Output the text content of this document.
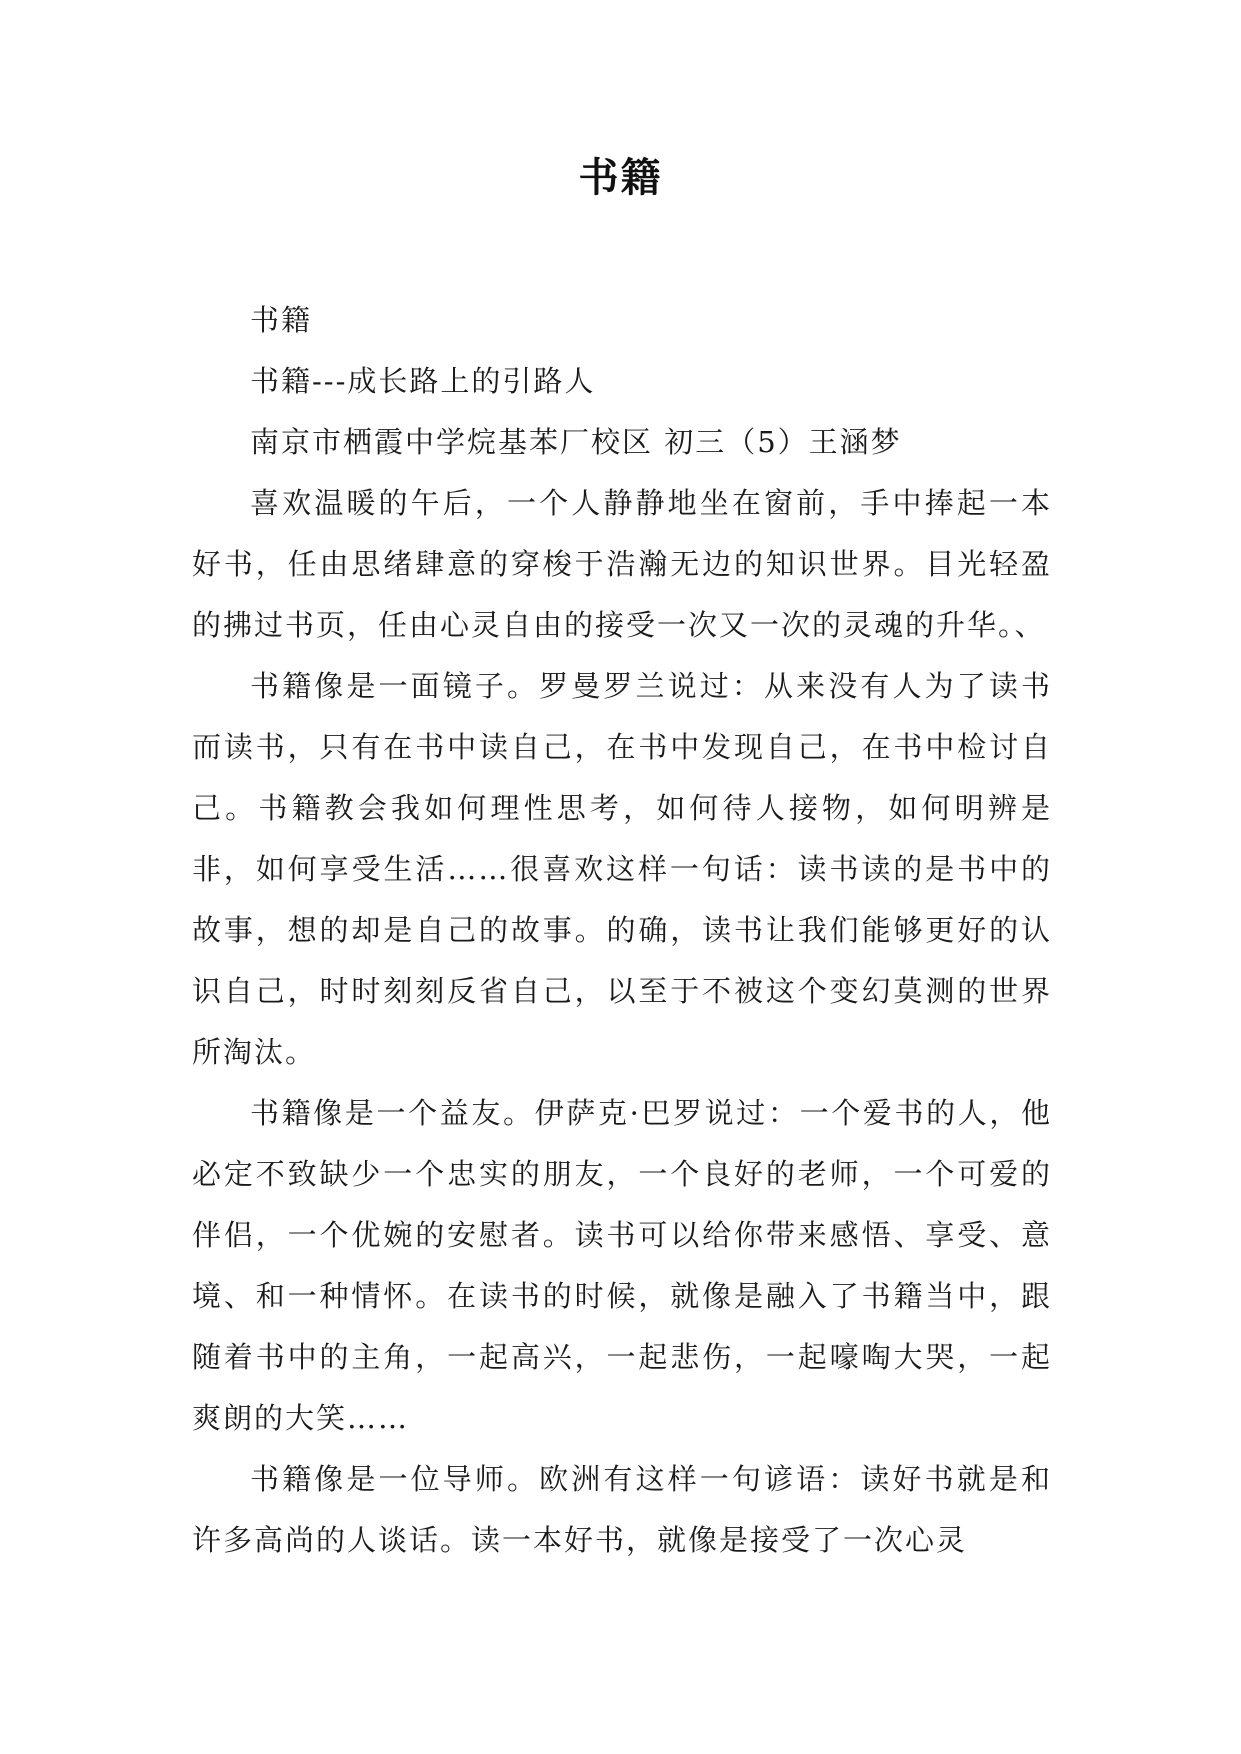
书籍

书籍

书籍---成长路上的引路人

南京市栖霞中学烷基苯厂校区 初三（5）王涵梦

喜欢温暖的午后，一个人静静地坐在窗前，手中捧起一本好书，任由思绪肆意的穿梭于浩瀚无边的知识世界。目光轻盈的拂过书页，任由心灵自由的接受一次又一次的灵魂的升华。、

书籍像是一面镜子。罗曼罗兰说过：从来没有人为了读书而读书，只有在书中读自己，在书中发现自己，在书中检讨自己。书籍教会我如何理性思考，如何待人接物，如何明辨是非，如何享受生活……很喜欢这样一句话：读书读的是书中的故事，想的却是自己的故事。的确，读书让我们能够更好的认识自己，时时刻刻反省自己，以至于不被这个变幻莫测的世界所淘汰。

书籍像是一个益友。伊萨克·巴罗说过：一个爱书的人，他必定不致缺少一个忠实的朋友，一个良好的老师，一个可爱的伴侣，一个优婉的安慰者。读书可以给你带来感悟、享受、意境、和一种情怀。在读书的时候，就像是融入了书籍当中，跟随着书中的主角，一起高兴，一起悲伤，一起嚎啕大哭，一起爽朗的大笑……

书籍像是一位导师。欧洲有这样一句谚语：读好书就是和许多高尚的人谈话。读一本好书，就像是接受了一次心灵
